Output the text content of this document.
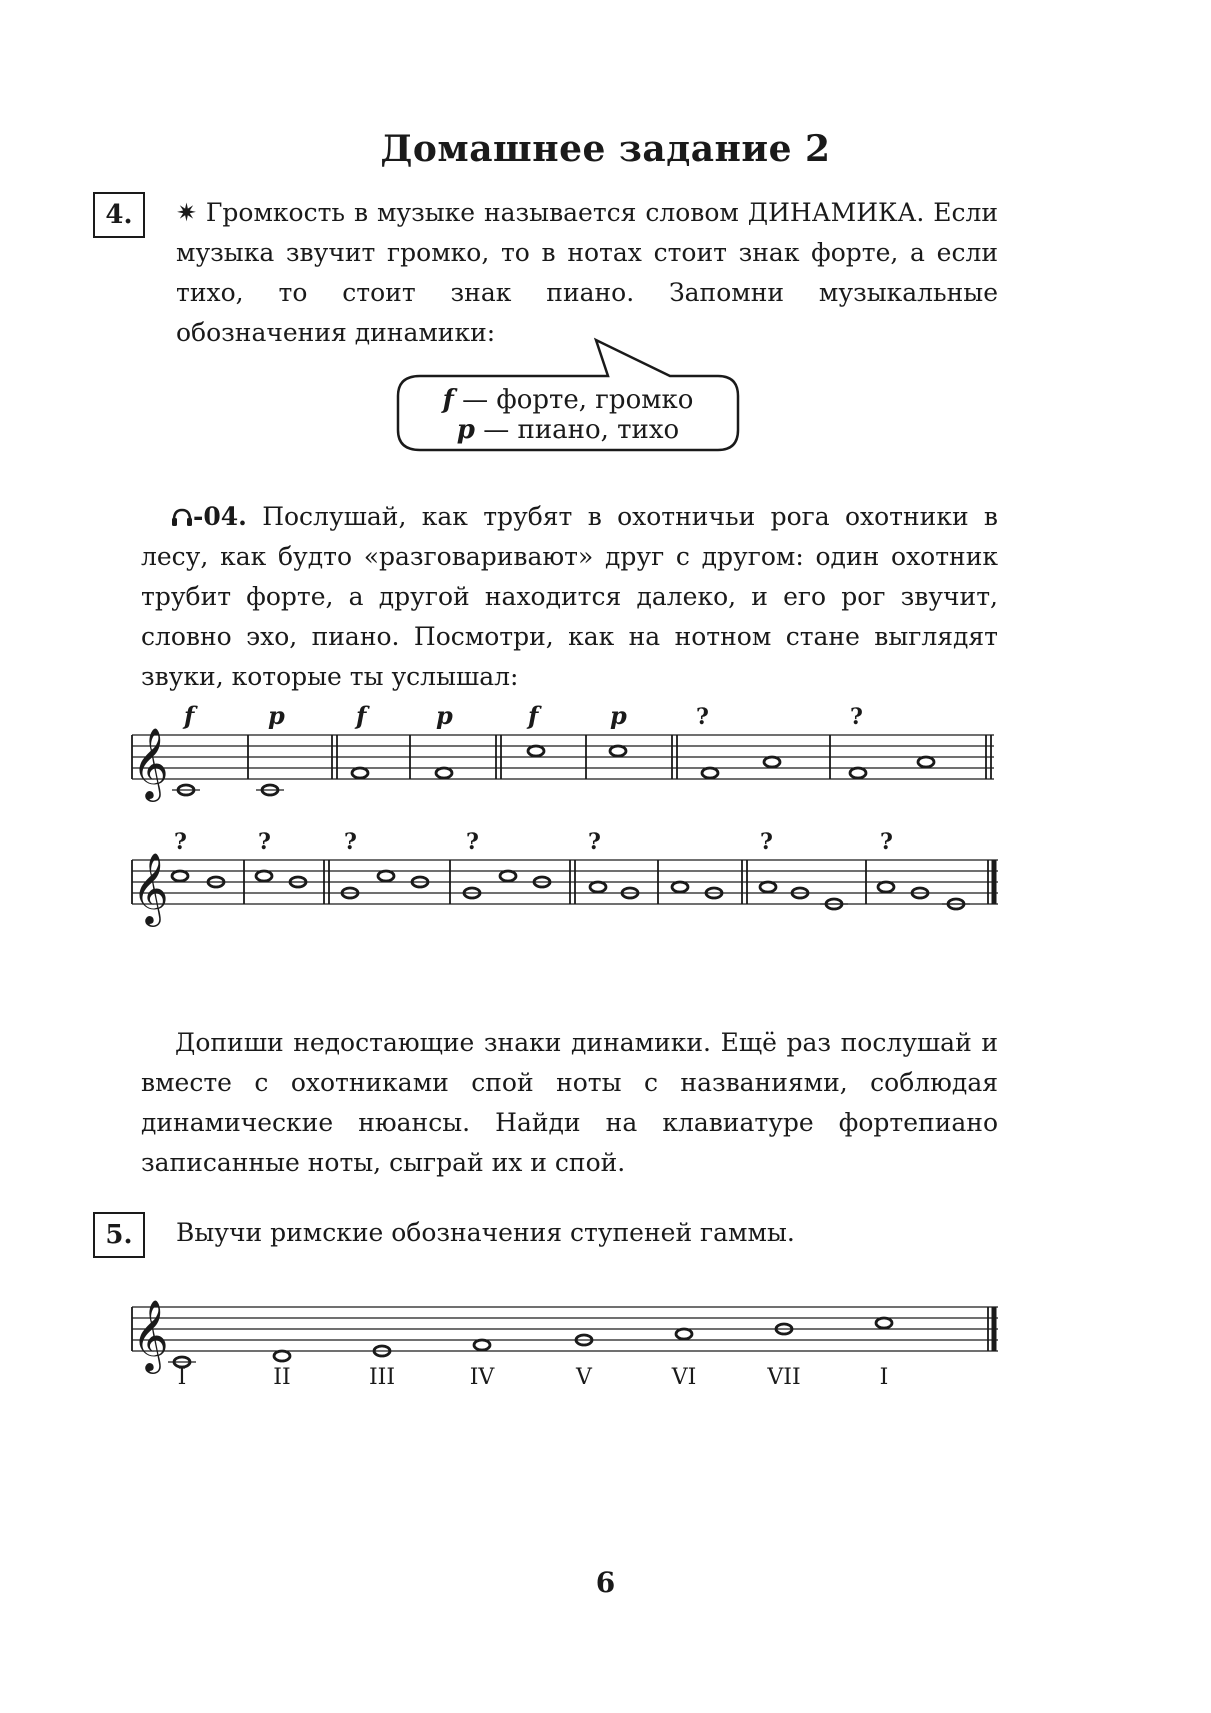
Домашнее задание 2
4.	✷ Громкость в музыке называется словом ДИНАМИКА. Если музыка звучит громко, то в нотах стоит знак форте, а если тихо, то стоит знак пиано. Запомни музыкальные обозначения динамики:
f — форте, громко
p — пиано, тихо
-04. Послушай, как трубят в охотничьи рога охотники в лесу, как будто «разговаривают» друг с другом: один охотник трубит форте, а другой находится далеко, и его рог звучит, словно эхо, пиано. Посмотри, как на нотном стане выглядят звуки, которые ты услышал:
𝄞
f	p	f	p	f	p	?	?
𝄞
?	?	?	?	?	?	?
Допиши недостающие знаки динамики. Ещё раз послушай и вместе с охотниками спой ноты с названиями, соблюдая динамические нюансы. Найди на клавиатуре фортепиано записанные ноты, сыграй их и спой.
5.	Выучи римские обозначения ступеней гаммы.
𝄞
I	II	III	IV	V	VI	VII	I
6
